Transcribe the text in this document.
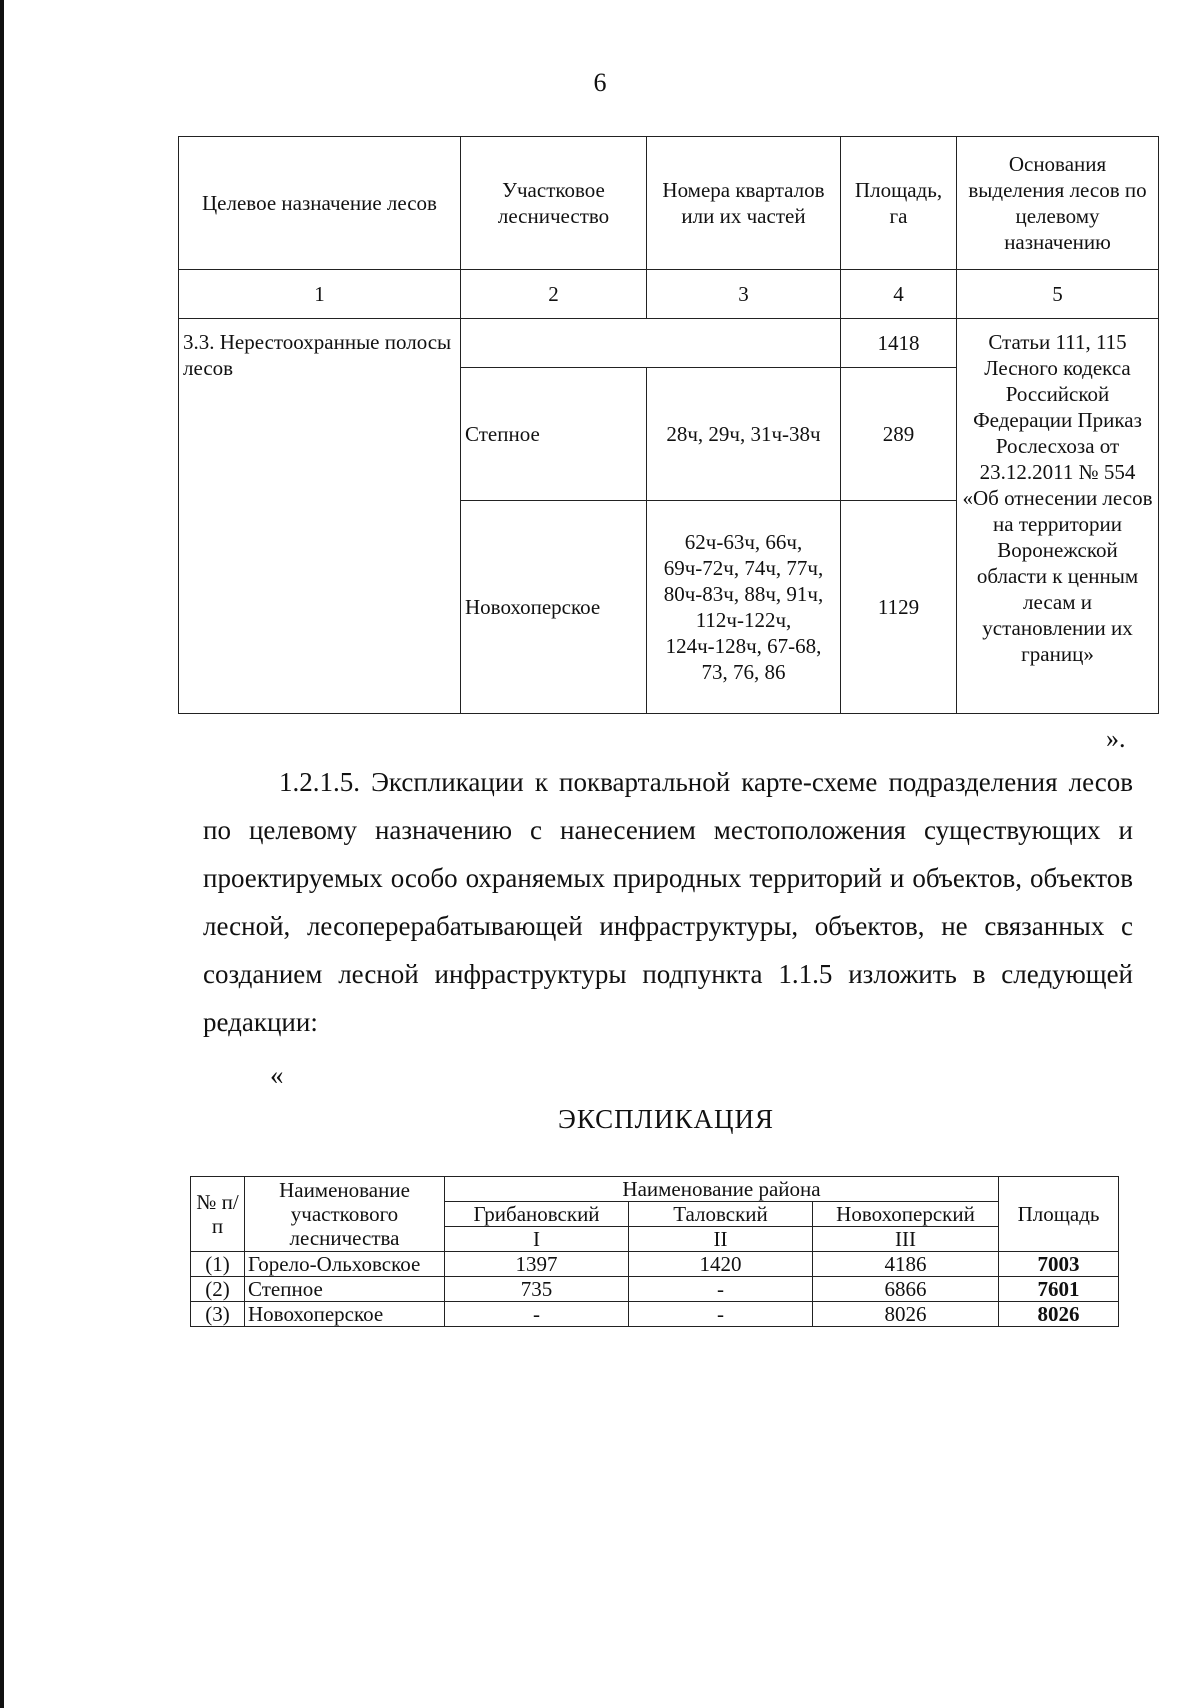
6
Целевое назначение лесов	Участковое лесничество	Номера кварталов или их частей	Площадь, га	Основания выделения лесов по целевому назначению
1	2	3	4	5
3.3. Нерестоохранные полосы лесов			1418	Статьи 111, 115 Лесного кодекса Российской Федерации Приказ Рослесхоза от 23.12.2011 № 554 «Об отнесении лесов на территории Воронежской области к ценным лесам и установлении их границ»
	Степное	28ч, 29ч, 31ч-38ч	289	
	Новохоперское	62ч-63ч, 66ч, 69ч-72ч, 74ч, 77ч, 80ч-83ч, 88ч, 91ч, 112ч-122ч, 124ч-128ч, 67-68, 73, 76, 86	1129	
».
1.2.1.5. Экспликации к поквартальной карте-схеме подразделения лесов по целевому назначению с нанесением местоположения существующих и проектируемых особо охраняемых природных территорий и объектов, объектов лесной, лесоперерабатывающей инфраструктуры, объектов, не связанных с созданием лесной инфраструктуры подпункта 1.1.5 изложить в следующей редакции:
«
ЭКСПЛИКАЦИЯ
№ п/п	Наименование участкового лесничества	Наименование района			Площадь
		Грибановский	Таловский	Новохоперский	
		I	II	III	
(1)	Горело-Ольховское	1397	1420	4186	7003
(2)	Степное	735	-	6866	7601
(3)	Новохоперское	-	-	8026	8026
